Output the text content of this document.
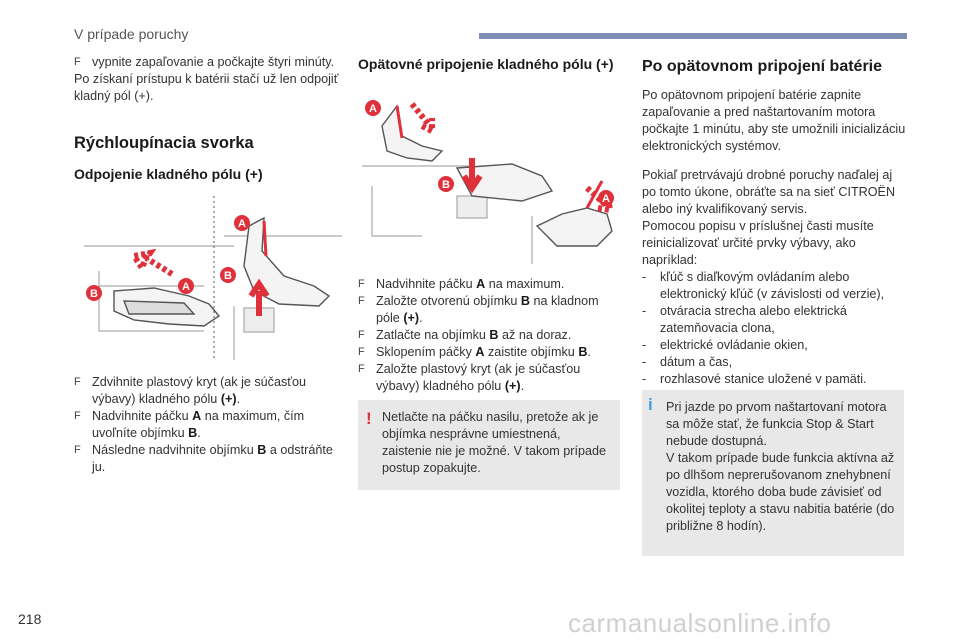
V prípade poruchy
F vypnite zapaľovanie a počkajte štyri minúty.

Po získaní prístupu k batérii stačí už len odpojiť kladný pól (+).

Rýchloupínacia svorka
Odpojenie kladného pólu (+)
A
B
A
B
F Zdvihnite plastový kryt (ak je súčasťou výbavy) kladného pólu (+).
F Nadvihnite páčku A na maximum, čím uvoľníte objímku B.
F Následne nadvihnite objímku B a odstráňte ju.
Opätovné pripojenie kladného pólu (+)
A
B
A
F Nadvihnite páčku A na maximum.
F Založte otvorenú objímku B na kladnom póle (+).
F Zatlačte na objímku B až na doraz.
F Sklopením páčky A zaistite objímku B.
F Založte plastový kryt (ak je súčasťou výbavy) kladného pólu (+).
! Netlačte na páčku nasilu, pretože ak je objímka nesprávne umiestnená, zaistenie nie je možné. V takom prípade postup zopakujte.
Po opätovnom pripojení batérie

Po opätovnom pripojení batérie zapnite zapaľovanie a pred naštartovaním motora počkajte 1 minútu, aby ste umožnili inicializáciu elektronických systémov.

Pokiaľ pretrvávajú drobné poruchy naďalej aj po tomto úkone, obráťte sa na sieť CITROËN alebo iný kvalifikovaný servis.

Pomocou popisu v príslušnej časti musíte reinicializovať určité prvky výbavy, ako napríklad:

-	kľúč s diaľkovým ovládaním alebo elektronický kľúč (v závislosti od verzie),
-	otváracia strecha alebo elektrická zatemňovacia clona,
-	elektrické ovládanie okien,
-	dátum a čas,
-	rozhlasové stanice uložené v pamäti.
i Pri jazde po prvom naštartovaní motora sa môže stať, že funkcia Stop & Start nebude dostupná.
V takom prípade bude funkcia aktívna až po dlhšom neprerušovanom znehybnení vozidla, ktorého doba bude závisieť od okolitej teploty a stavu nabitia batérie (do približne 8 hodín).
218	carmanualsonline.info
